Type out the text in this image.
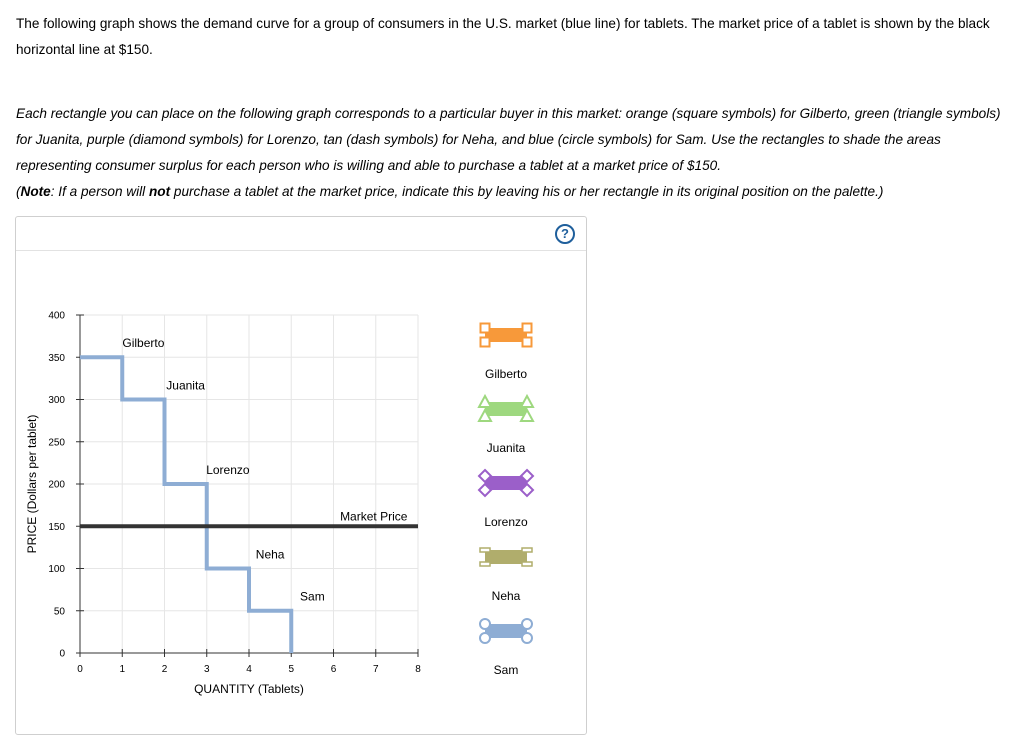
The following graph shows the demand curve for a group of consumers in the U.S. market (blue line) for tablets. The market price of a tablet is shown by the black horizontal line at $150.

Each rectangle you can place on the following graph corresponds to a particular buyer in this market: orange (square symbols) for Gilberto, green (triangle symbols) for Juanita, purple (diamond symbols) for Lorenzo, tan (dash symbols) for Neha, and blue (circle symbols) for Sam. Use the rectangles to shade the areas representing consumer surplus for each person who is willing and able to purchase a tablet at a market price of $150.
(Note: If a person will not purchase a tablet at the market price, indicate this by leaving his or her rectangle in its original position on the palette.)

?
0	1	2	3	4	5	6	7	8
0
50
100
150
200
250
300
350
400
QUANTITY (Tablets)
PRICE (Dollars per tablet)	Market Price
Gilberto
Juanita
Lorenzo
Neha
Sam
Gilberto
Juanita
Lorenzo
Neha
Sam
